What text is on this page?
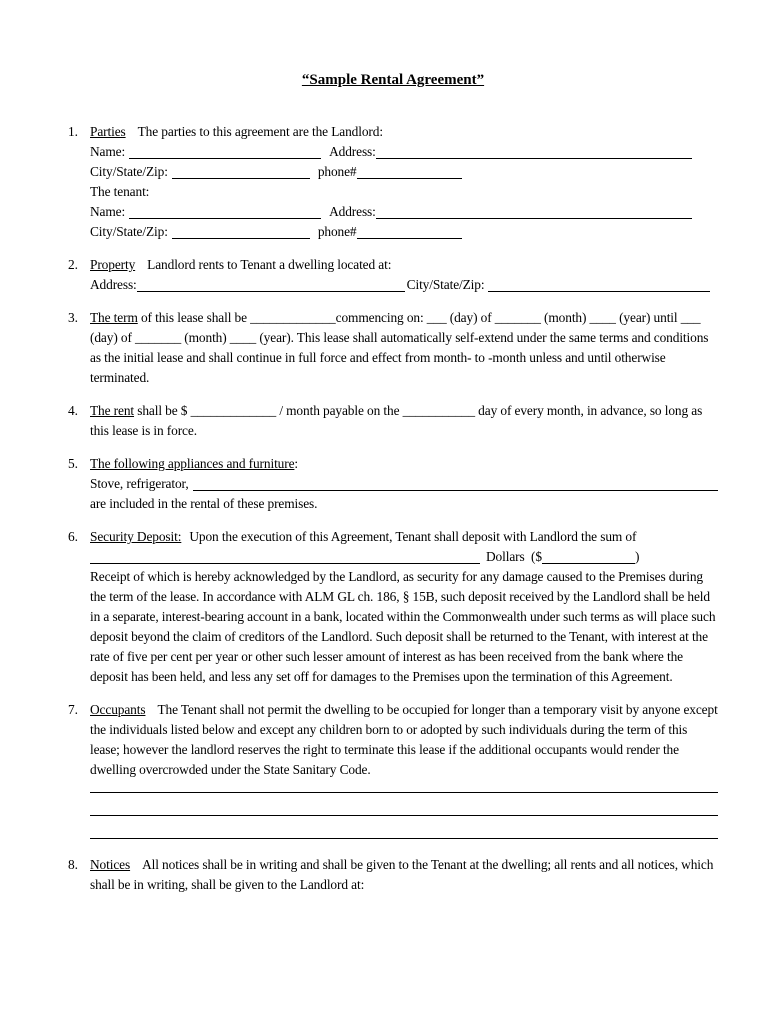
“Sample Rental Agreement”
1. Parties The parties to this agreement are the Landlord:

Name:	Address:
City/State/Zip:	phone#

The tenant:

Name:	Address:
City/State/Zip:	phone#
2. Property Landlord rents to Tenant a dwelling located at:

Address:	City/State/Zip:
3. The term of this lease shall be _____________commencing on: ___ (day) of _______ (month) ____ (year) until ___ (day) of _______ (month) ____ (year). This lease shall automatically self-extend under the same terms and conditions as the initial lease and shall continue in full force and effect from month- to -month unless and until otherwise terminated.

4. The rent shall be $ _____________ / month payable on the ___________ day of every month, in advance, so long as this lease is in force.

5. The following appliances and furniture:

Stove, refrigerator,

are included in the rental of these premises.

6. Security Deposit: Upon the execution of this Agreement, Tenant shall deposit with Landlord the sum of

Dollars  ($	)

Receipt of which is hereby acknowledged by the Landlord, as security for any damage caused to the Premises during the term of the lease. In accordance with ALM GL ch. 186, § 15B, such deposit received by the Landlord shall be held in a separate, interest-bearing account in a bank, located within the Commonwealth under such terms as will place such deposit beyond the claim of creditors of the Landlord. Such deposit shall be returned to the Tenant, with interest at the rate of five per cent per year or other such lesser amount of interest as has been received from the bank where the deposit has been held, and less any set off for damages to the Premises upon the termination of this Agreement.

7. Occupants The Tenant shall not permit the dwelling to be occupied for longer than a temporary visit by anyone except the individuals listed below and except any children born to or adopted by such individuals during the term of this lease; however the landlord reserves the right to terminate this lease if the additional occupants would render the dwelling overcrowded under the State Sanitary Code.

8. Notices All notices shall be in writing and shall be given to the Tenant at the dwelling; all rents and all notices, which shall be in writing, shall be given to the Landlord at:
